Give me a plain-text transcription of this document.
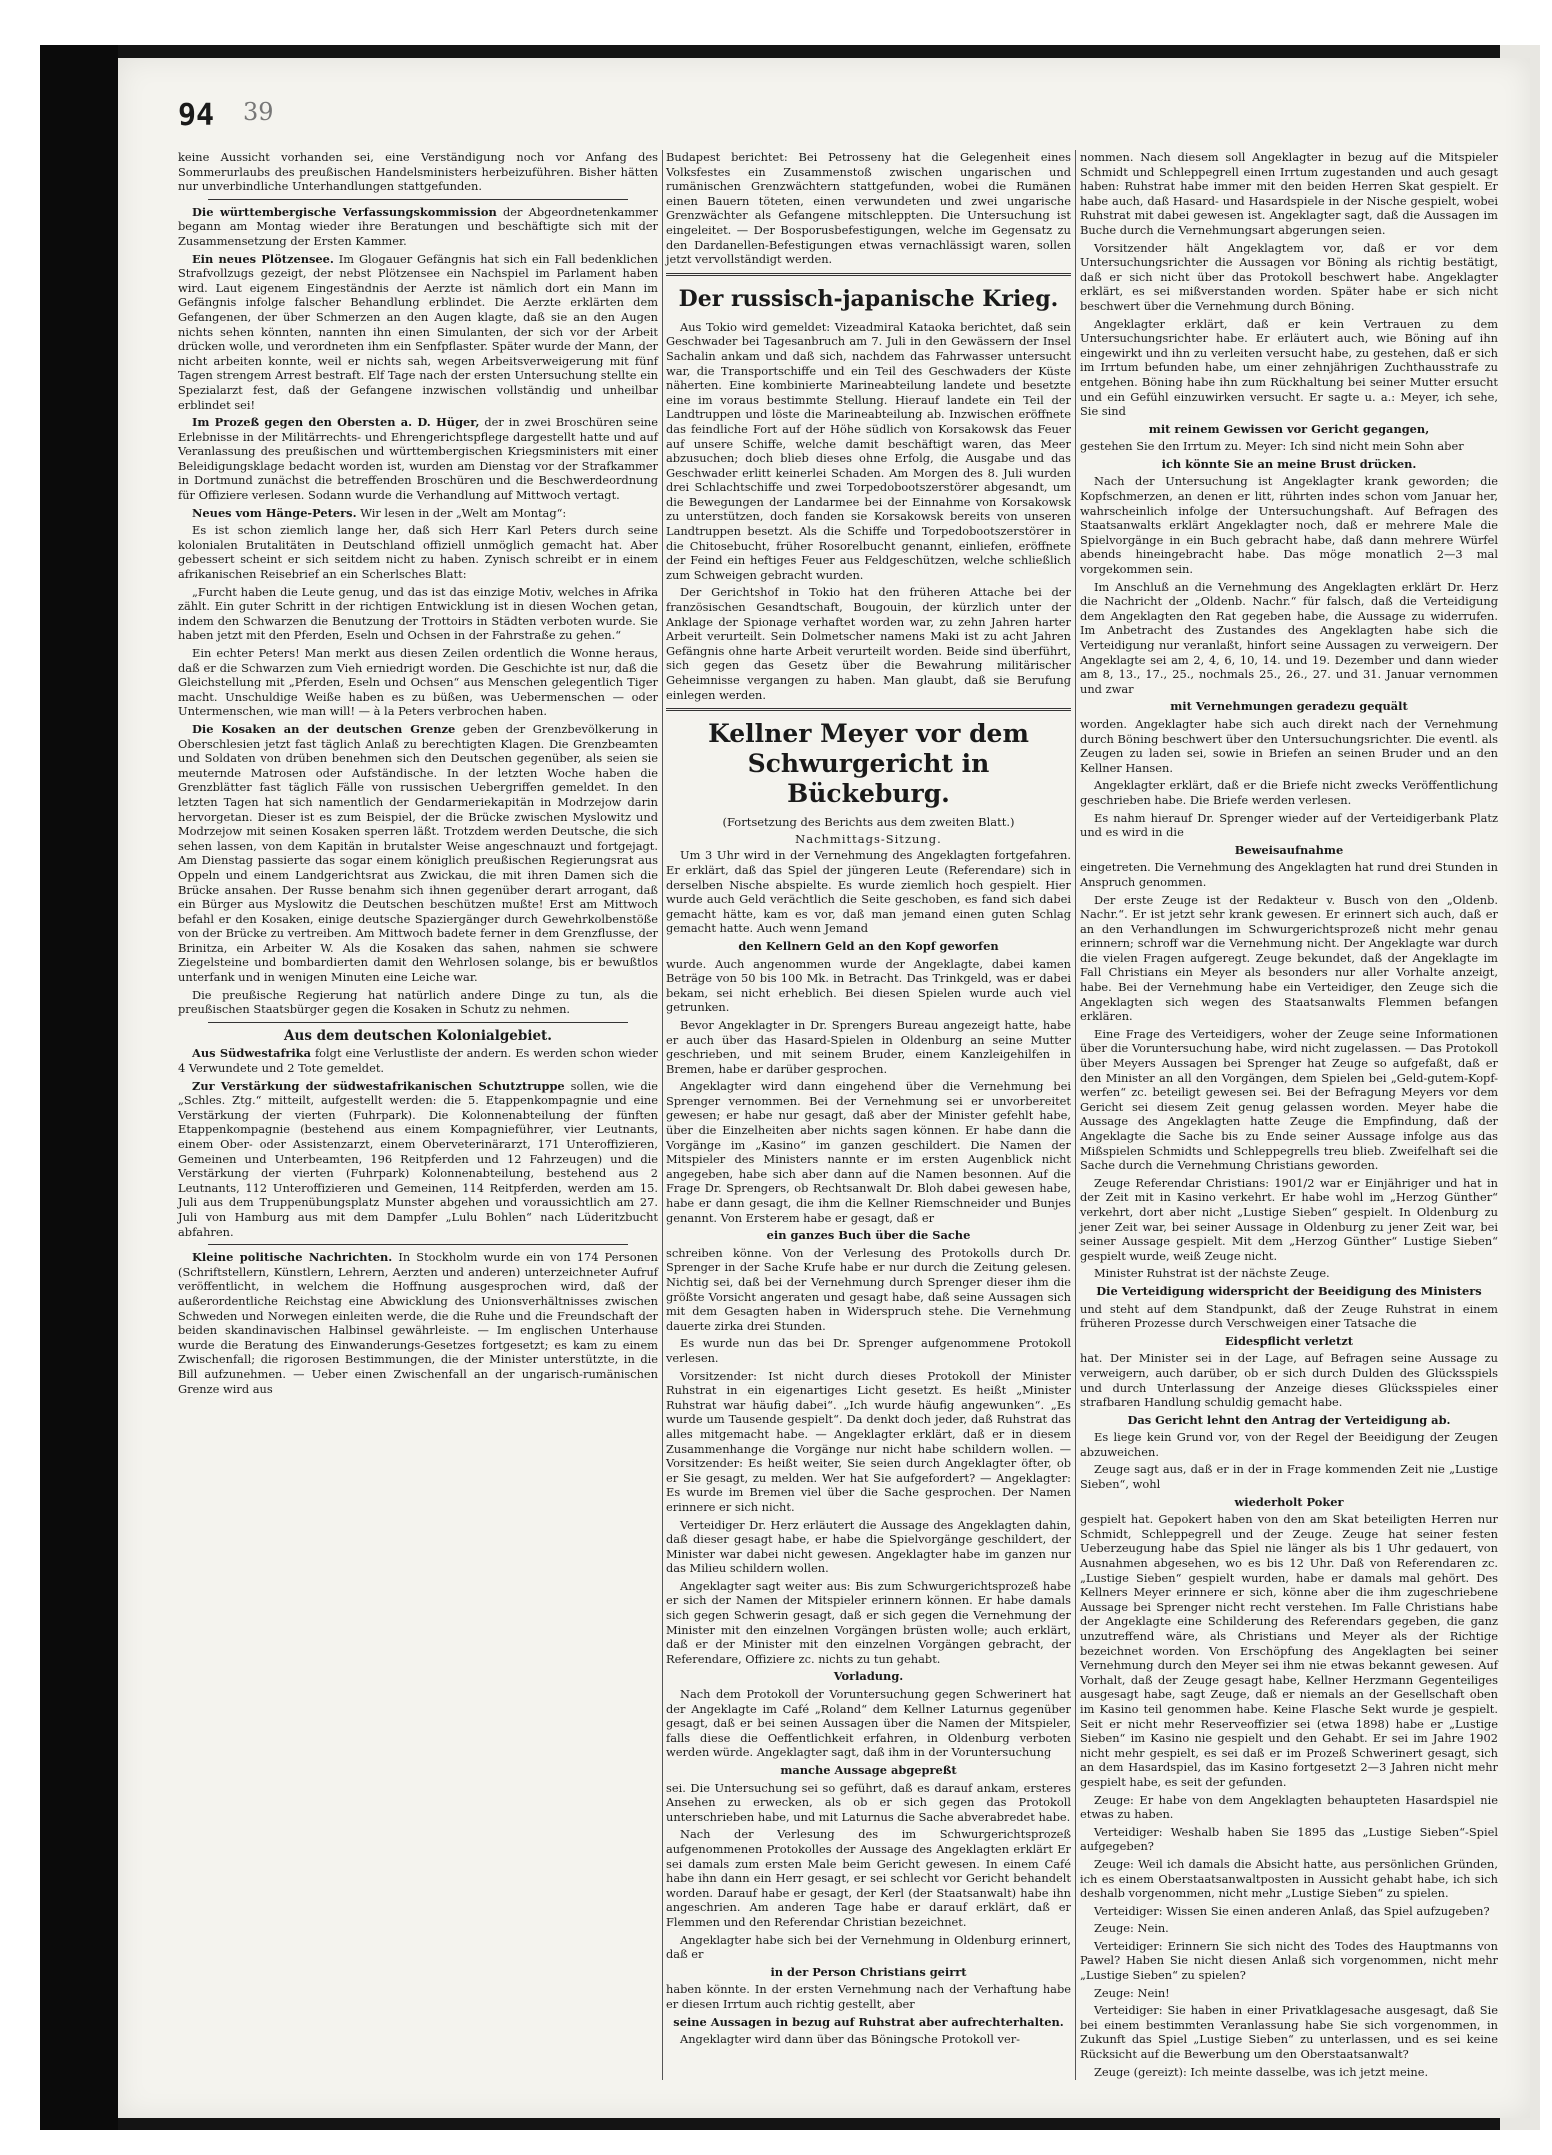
94 39

keine Aussicht vorhanden sei, eine Verständigung noch vor Anfang des Sommerurlaubs des preußischen Handelsministers herbeizuführen. Bisher hätten nur unverbindliche Unterhandlungen stattgefunden.

Die württembergische Verfassungskommission der Abgeordnetenkammer begann am Montag wieder ihre Beratungen und beschäftigte sich mit der Zusammensetzung der Ersten Kammer.

Ein neues Plötzensee. Im Glogauer Gefängnis hat sich ein Fall bedenklichen Strafvollzugs gezeigt, der nebst Plötzensee ein Nachspiel im Parlament haben wird. Laut eigenem Eingeständnis der Aerzte ist nämlich dort ein Mann im Gefängnis infolge falscher Behandlung erblindet. Die Aerzte erklärten dem Gefangenen, der über Schmerzen an den Augen klagte, daß sie an den Augen nichts sehen könnten, nannten ihn einen Simulanten, der sich vor der Arbeit drücken wolle, und verordneten ihm ein Senfpflaster. Später wurde der Mann, der nicht arbeiten konnte, weil er nichts sah, wegen Arbeitsverweigerung mit fünf Tagen strengem Arrest bestraft. Elf Tage nach der ersten Untersuchung stellte ein Spezialarzt fest, daß der Gefangene inzwischen vollständig und unheilbar erblindet sei!

Im Prozeß gegen den Obersten a. D. Hüger, der in zwei Broschüren seine Erlebnisse in der Militärrechts- und Ehrengerichtspflege dargestellt hatte und auf Veranlassung des preußischen und württembergischen Kriegsministers mit einer Beleidigungsklage bedacht worden ist, wurden am Dienstag vor der Strafkammer in Dortmund zunächst die betreffenden Broschüren und die Beschwerdeordnung für Offiziere verlesen. Sodann wurde die Verhandlung auf Mittwoch vertagt.

Neues vom Hänge-Peters. Wir lesen in der „Welt am Montag“:

Es ist schon ziemlich lange her, daß sich Herr Karl Peters durch seine kolonialen Brutalitäten in Deutschland offiziell unmöglich gemacht hat. Aber gebessert scheint er sich seitdem nicht zu haben. Zynisch schreibt er in einem afrikanischen Reisebrief an ein Scherlsches Blatt:

„Furcht haben die Leute genug, und das ist das einzige Motiv, welches in Afrika zählt. Ein guter Schritt in der richtigen Entwicklung ist in diesen Wochen getan, indem den Schwarzen die Benutzung der Trottoirs in Städten verboten wurde. Sie haben jetzt mit den Pferden, Eseln und Ochsen in der Fahrstraße zu gehen.“

Ein echter Peters! Man merkt aus diesen Zeilen ordentlich die Wonne heraus, daß er die Schwarzen zum Vieh erniedrigt worden. Die Geschichte ist nur, daß die Gleichstellung mit „Pferden, Eseln und Ochsen“ aus Menschen gelegentlich Tiger macht. Unschuldige Weiße haben es zu büßen, was Uebermenschen — oder Untermenschen, wie man will! — à la Peters verbrochen haben.

Die Kosaken an der deutschen Grenze geben der Grenzbevölkerung in Oberschlesien jetzt fast täglich Anlaß zu berechtigten Klagen. Die Grenzbeamten und Soldaten von drüben benehmen sich den Deutschen gegenüber, als seien sie meuternde Matrosen oder Aufständische. In der letzten Woche haben die Grenzblätter fast täglich Fälle von russischen Uebergriffen gemeldet. In den letzten Tagen hat sich namentlich der Gendarmeriekapitän in Modrzejow darin hervorgetan. Dieser ist es zum Beispiel, der die Brücke zwischen Myslowitz und Modrzejow mit seinen Kosaken sperren läßt. Trotzdem werden Deutsche, die sich sehen lassen, von dem Kapitän in brutalster Weise angeschnauzt und fortgejagt. Am Dienstag passierte das sogar einem königlich preußischen Regierungsrat aus Oppeln und einem Landgerichtsrat aus Zwickau, die mit ihren Damen sich die Brücke ansahen. Der Russe benahm sich ihnen gegenüber derart arrogant, daß ein Bürger aus Myslowitz die Deutschen beschützen mußte! Erst am Mittwoch befahl er den Kosaken, einige deutsche Spaziergänger durch Gewehrkolbenstöße von der Brücke zu vertreiben. Am Mittwoch badete ferner in dem Grenzflusse, der Brinitza, ein Arbeiter W. Als die Kosaken das sahen, nahmen sie schwere Ziegelsteine und bombardierten damit den Wehrlosen solange, bis er bewußtlos unterfank und in wenigen Minuten eine Leiche war.

Die preußische Regierung hat natürlich andere Dinge zu tun, als die preußischen Staatsbürger gegen die Kosaken in Schutz zu nehmen.

Aus dem deutschen Kolonialgebiet.

Aus Südwestafrika folgt eine Verlustliste der andern. Es werden schon wieder 4 Verwundete und 2 Tote gemeldet.

Zur Verstärkung der südwestafrikanischen Schutztruppe sollen, wie die „Schles. Ztg.“ mitteilt, aufgestellt werden: die 5. Etappenkompagnie und eine Verstärkung der vierten (Fuhrpark). Die Kolonnenabteilung der fünften Etappenkompagnie (bestehend aus einem Kompagnieführer, vier Leutnants, einem Ober- oder Assistenzarzt, einem Oberveterinärarzt, 171 Unteroffizieren, Gemeinen und Unterbeamten, 196 Reitpferden und 12 Fahrzeugen) und die Verstärkung der vierten (Fuhrpark) Kolonnenabteilung, bestehend aus 2 Leutnants, 112 Unteroffizieren und Gemeinen, 114 Reitpferden, werden am 15. Juli aus dem Truppenübungsplatz Munster abgehen und voraussichtlich am 27. Juli von Hamburg aus mit dem Dampfer „Lulu Bohlen“ nach Lüderitzbucht abfahren.

Kleine politische Nachrichten. In Stockholm wurde ein von 174 Personen (Schriftstellern, Künstlern, Lehrern, Aerzten und anderen) unterzeichneter Aufruf veröffentlicht, in welchem die Hoffnung ausgesprochen wird, daß der außerordentliche Reichstag eine Abwicklung des Unionsverhältnisses zwischen Schweden und Norwegen einleiten werde, die die Ruhe und die Freundschaft der beiden skandinavischen Halbinsel gewährleiste. — Im englischen Unterhause wurde die Beratung des Einwanderungs-Gesetzes fortgesetzt; es kam zu einem Zwischenfall; die rigorosen Bestimmungen, die der Minister unterstützte, in die Bill aufzunehmen. — Ueber einen Zwischenfall an der ungarisch-rumänischen Grenze wird aus

Budapest berichtet: Bei Petrosseny hat die Gelegenheit eines Volksfestes ein Zusammenstoß zwischen ungarischen und rumänischen Grenzwächtern stattgefunden, wobei die Rumänen einen Bauern töteten, einen verwundeten und zwei ungarische Grenzwächter als Gefangene mitschleppten. Die Untersuchung ist eingeleitet. — Der Bosporusbefestigungen, welche im Gegensatz zu den Dardanellen-Befestigungen etwas vernachlässigt waren, sollen jetzt vervollständigt werden.

Der russisch-japanische Krieg.

Aus Tokio wird gemeldet: Vizeadmiral Kataoka berichtet, daß sein Geschwader bei Tagesanbruch am 7. Juli in den Gewässern der Insel Sachalin ankam und daß sich, nachdem das Fahrwasser untersucht war, die Transportschiffe und ein Teil des Geschwaders der Küste näherten. Eine kombinierte Marineabteilung landete und besetzte eine im voraus bestimmte Stellung. Hierauf landete ein Teil der Landtruppen und löste die Marineabteilung ab. Inzwischen eröffnete das feindliche Fort auf der Höhe südlich von Korsakowsk das Feuer auf unsere Schiffe, welche damit beschäftigt waren, das Meer abzusuchen; doch blieb dieses ohne Erfolg, die Ausgabe und das Geschwader erlitt keinerlei Schaden. Am Morgen des 8. Juli wurden drei Schlachtschiffe und zwei Torpedobootszerstörer abgesandt, um die Bewegungen der Landarmee bei der Einnahme von Korsakowsk zu unterstützen, doch fanden sie Korsakowsk bereits von unseren Landtruppen besetzt. Als die Schiffe und Torpedobootszerstörer in die Chitosebucht, früher Rosorelbucht genannt, einliefen, eröffnete der Feind ein heftiges Feuer aus Feldgeschützen, welche schließlich zum Schweigen gebracht wurden.

Der Gerichtshof in Tokio hat den früheren Attache bei der französischen Gesandtschaft, Bougouin, der kürzlich unter der Anklage der Spionage verhaftet worden war, zu zehn Jahren harter Arbeit verurteilt. Sein Dolmetscher namens Maki ist zu acht Jahren Gefängnis ohne harte Arbeit verurteilt worden. Beide sind überführt, sich gegen das Gesetz über die Bewahrung militärischer Geheimnisse vergangen zu haben. Man glaubt, daß sie Berufung einlegen werden.

Kellner Meyer vor dem Schwurgericht in Bückeburg.
(Fortsetzung des Berichts aus dem zweiten Blatt.)
Nachmittags-Sitzung.

Um 3 Uhr wird in der Vernehmung des Angeklagten fortgefahren. Er erklärt, daß das Spiel der jüngeren Leute (Referendare) sich in derselben Nische abspielte. Es wurde ziemlich hoch gespielt. Hier wurde auch Geld verächtlich die Seite geschoben, es fand sich dabei gemacht hätte, kam es vor, daß man jemand einen guten Schlag gemacht hatte. Auch wenn Jemand

den Kellnern Geld an den Kopf geworfen

wurde. Auch angenommen wurde der Angeklagte, dabei kamen Beträge von 50 bis 100 Mk. in Betracht. Das Trinkgeld, was er dabei bekam, sei nicht erheblich. Bei diesen Spielen wurde auch viel getrunken.

Bevor Angeklagter in Dr. Sprengers Bureau angezeigt hatte, habe er auch über das Hasard-Spielen in Oldenburg an seine Mutter geschrieben, und mit seinem Bruder, einem Kanzleigehilfen in Bremen, habe er darüber gesprochen.

Angeklagter wird dann eingehend über die Vernehmung bei Sprenger vernommen. Bei der Vernehmung sei er unvorbereitet gewesen; er habe nur gesagt, daß aber der Minister gefehlt habe, über die Einzelheiten aber nichts sagen können. Er habe dann die Vorgänge im „Kasino“ im ganzen geschildert. Die Namen der Mitspieler des Ministers nannte er im ersten Augenblick nicht angegeben, habe sich aber dann auf die Namen besonnen. Auf die Frage Dr. Sprengers, ob Rechtsanwalt Dr. Bloh dabei gewesen habe, habe er dann gesagt, die ihm die Kellner Riemschneider und Bunjes genannt. Von Ersterem habe er gesagt, daß er

ein ganzes Buch über die Sache

schreiben könne. Von der Verlesung des Protokolls durch Dr. Sprenger in der Sache Krufe habe er nur durch die Zeitung gelesen. Nichtig sei, daß bei der Vernehmung durch Sprenger dieser ihm die größte Vorsicht angeraten und gesagt habe, daß seine Aussagen sich mit dem Gesagten haben in Widerspruch stehe. Die Vernehmung dauerte zirka drei Stunden.

Es wurde nun das bei Dr. Sprenger aufgenommene Protokoll verlesen.

Vorsitzender: Ist nicht durch dieses Protokoll der Minister Ruhstrat in ein eigenartiges Licht gesetzt. Es heißt „Minister Ruhstrat war häufig dabei“. „Ich wurde häufig angewunken“. „Es wurde um Tausende gespielt“. Da denkt doch jeder, daß Ruhstrat das alles mitgemacht habe. — Angeklagter erklärt, daß er in diesem Zusammenhange die Vorgänge nur nicht habe schildern wollen. — Vorsitzender: Es heißt weiter, Sie seien durch Angeklagter öfter, ob er Sie gesagt, zu melden. Wer hat Sie aufgefordert? — Angeklagter: Es wurde im Bremen viel über die Sache gesprochen. Der Namen erinnere er sich nicht.

Verteidiger Dr. Herz erläutert die Aussage des Angeklagten dahin, daß dieser gesagt habe, er habe die Spielvorgänge geschildert, der Minister war dabei nicht gewesen. Angeklagter habe im ganzen nur das Milieu schildern wollen.

Angeklagter sagt weiter aus: Bis zum Schwurgerichtsprozeß habe er sich der Namen der Mitspieler erinnern können. Er habe damals sich gegen Schwerin gesagt, daß er sich gegen die Vernehmung der Minister mit den einzelnen Vorgängen brüsten wolle; auch erklärt, daß er der Minister mit den einzelnen Vorgängen gebracht, der Referendare, Offiziere zc. nichts zu tun gehabt.

Vorladung.

Nach dem Protokoll der Voruntersuchung gegen Schwerinert hat der Angeklagte im Café „Roland“ dem Kellner Laturnus gegenüber gesagt, daß er bei seinen Aussagen über die Namen der Mitspieler, falls diese die Oeffentlichkeit erfahren, in Oldenburg verboten werden würde. Angeklagter sagt, daß ihm in der Voruntersuchung

manche Aussage abgepreßt

sei. Die Untersuchung sei so geführt, daß es darauf ankam, ersteres Ansehen zu erwecken, als ob er sich gegen das Protokoll unterschrieben habe, und mit Laturnus die Sache abverabredet habe.

Nach der Verlesung des im Schwurgerichtsprozeß aufgenommenen Protokolles der Aussage des Angeklagten erklärt Er sei damals zum ersten Male beim Gericht gewesen. In einem Café habe ihn dann ein Herr gesagt, er sei schlecht vor Gericht behandelt worden. Darauf habe er gesagt, der Kerl (der Staatsanwalt) habe ihn angeschrien. Am anderen Tage habe er darauf erklärt, daß er Flemmen und den Referendar Christian bezeichnet.

Angeklagter habe sich bei der Vernehmung in Oldenburg erinnert, daß er

in der Person Christians geirrt

haben könnte. In der ersten Vernehmung nach der Verhaftung habe er diesen Irrtum auch richtig gestellt, aber

seine Aussagen in bezug auf Ruhstrat aber aufrechterhalten.

Angeklagter wird dann über das Böningsche Protokoll ver-

nommen. Nach diesem soll Angeklagter in bezug auf die Mitspieler Schmidt und Schleppegrell einen Irrtum zugestanden und auch gesagt haben: Ruhstrat habe immer mit den beiden Herren Skat gespielt. Er habe auch, daß Hasard- und Hasardspiele in der Nische gespielt, wobei Ruhstrat mit dabei gewesen ist. Angeklagter sagt, daß die Aussagen im Buche durch die Vernehmungsart abgerungen seien.

Vorsitzender hält Angeklagtem vor, daß er vor dem Untersuchungsrichter die Aussagen vor Böning als richtig bestätigt, daß er sich nicht über das Protokoll beschwert habe. Angeklagter erklärt, es sei mißverstanden worden. Später habe er sich nicht beschwert über die Vernehmung durch Böning.

Angeklagter erklärt, daß er kein Vertrauen zu dem Untersuchungsrichter habe. Er erläutert auch, wie Böning auf ihn eingewirkt und ihn zu verleiten versucht habe, zu gestehen, daß er sich im Irrtum befunden habe, um einer zehnjährigen Zuchthausstrafe zu entgehen. Böning habe ihn zum Rückhaltung bei seiner Mutter ersucht und ein Gefühl einzuwirken versucht. Er sagte u. a.: Meyer, ich sehe, Sie sind

mit reinem Gewissen vor Gericht gegangen,

gestehen Sie den Irrtum zu. Meyer: Ich sind nicht mein Sohn aber

ich könnte Sie an meine Brust drücken.

Nach der Untersuchung ist Angeklagter krank geworden; die Kopfschmerzen, an denen er litt, rührten indes schon vom Januar her, wahrscheinlich infolge der Untersuchungshaft. Auf Befragen des Staatsanwalts erklärt Angeklagter noch, daß er mehrere Male die Spielvorgänge in ein Buch gebracht habe, daß dann mehrere Würfel abends hineingebracht habe. Das möge monatlich 2—3 mal vorgekommen sein.

Im Anschluß an die Vernehmung des Angeklagten erklärt Dr. Herz die Nachricht der „Oldenb. Nachr.“ für falsch, daß die Verteidigung dem Angeklagten den Rat gegeben habe, die Aussage zu widerrufen. Im Anbetracht des Zustandes des Angeklagten habe sich die Verteidigung nur veranlaßt, hinfort seine Aussagen zu verweigern. Der Angeklagte sei am 2, 4, 6, 10, 14. und 19. Dezember und dann wieder am 8, 13., 17., 25., nochmals 25., 26., 27. und 31. Januar vernommen und zwar

mit Vernehmungen geradezu gequält

worden. Angeklagter habe sich auch direkt nach der Vernehmung durch Böning beschwert über den Untersuchungsrichter. Die eventl. als Zeugen zu laden sei, sowie in Briefen an seinen Bruder und an den Kellner Hansen.

Angeklagter erklärt, daß er die Briefe nicht zwecks Veröffentlichung geschrieben habe. Die Briefe werden verlesen.

Es nahm hierauf Dr. Sprenger wieder auf der Verteidigerbank Platz und es wird in die

Beweisaufnahme

eingetreten. Die Vernehmung des Angeklagten hat rund drei Stunden in Anspruch genommen.

Der erste Zeuge ist der Redakteur v. Busch von den „Oldenb. Nachr.“. Er ist jetzt sehr krank gewesen. Er erinnert sich auch, daß er an den Verhandlungen im Schwurgerichtsprozeß nicht mehr genau erinnern; schroff war die Vernehmung nicht. Der Angeklagte war durch die vielen Fragen aufgeregt. Zeuge bekundet, daß der Angeklagte im Fall Christians ein Meyer als besonders nur aller Vorhalte anzeigt, habe. Bei der Vernehmung habe ein Verteidiger, den Zeuge sich die Angeklagten sich wegen des Staatsanwalts Flemmen befangen erklären.

Eine Frage des Verteidigers, woher der Zeuge seine Informationen über die Voruntersuchung habe, wird nicht zugelassen. — Das Protokoll über Meyers Aussagen bei Sprenger hat Zeuge so aufgefaßt, daß er den Minister an all den Vorgängen, dem Spielen bei „Geld-gutem-Kopf-werfen“ zc. beteiligt gewesen sei. Bei der Befragung Meyers vor dem Gericht sei diesem Zeit genug gelassen worden. Meyer habe die Aussage des Angeklagten hatte Zeuge die Empfindung, daß der Angeklagte die Sache bis zu Ende seiner Aussage infolge aus das Mißspielen Schmidts und Schleppegrells treu blieb. Zweifelhaft sei die Sache durch die Vernehmung Christians geworden.

Zeuge Referendar Christians: 1901/2 war er Einjähriger und hat in der Zeit mit in Kasino verkehrt. Er habe wohl im „Herzog Günther“ verkehrt, dort aber nicht „Lustige Sieben“ gespielt. In Oldenburg zu jener Zeit war, bei seiner Aussage in Oldenburg zu jener Zeit war, bei seiner Aussage gespielt. Mit dem „Herzog Günther“ Lustige Sieben“ gespielt wurde, weiß Zeuge nicht.

Minister Ruhstrat ist der nächste Zeuge.

Die Verteidigung widerspricht der Beeidigung des Ministers

und steht auf dem Standpunkt, daß der Zeuge Ruhstrat in einem früheren Prozesse durch Verschweigen einer Tatsache die

Eidespflicht verletzt

hat. Der Minister sei in der Lage, auf Befragen seine Aussage zu verweigern, auch darüber, ob er sich durch Dulden des Glücksspiels und durch Unterlassung der Anzeige dieses Glücksspieles einer strafbaren Handlung schuldig gemacht habe.

Das Gericht lehnt den Antrag der Verteidigung ab.

Es liege kein Grund vor, von der Regel der Beeidigung der Zeugen abzuweichen.

Zeuge sagt aus, daß er in der in Frage kommenden Zeit nie „Lustige Sieben“, wohl

wiederholt Poker

gespielt hat. Gepokert haben von den am Skat beteiligten Herren nur Schmidt, Schleppegrell und der Zeuge. Zeuge hat seiner festen Ueberzeugung habe das Spiel nie länger als bis 1 Uhr gedauert, von Ausnahmen abgesehen, wo es bis 12 Uhr. Daß von Referendaren zc. „Lustige Sieben“ gespielt wurden, habe er damals mal gehört. Des Kellners Meyer erinnere er sich, könne aber die ihm zugeschriebene Aussage bei Sprenger nicht recht verstehen. Im Falle Christians habe der Angeklagte eine Schilderung des Referendars gegeben, die ganz unzutreffend wäre, als Christians und Meyer als der Richtige bezeichnet worden. Von Erschöpfung des Angeklagten bei seiner Vernehmung durch den Meyer sei ihm nie etwas bekannt gewesen. Auf Vorhalt, daß der Zeuge gesagt habe, Kellner Herzmann Gegenteiliges ausgesagt habe, sagt Zeuge, daß er niemals an der Gesellschaft oben im Kasino teil genommen habe. Keine Flasche Sekt wurde je gespielt. Seit er nicht mehr Reserveoffizier sei (etwa 1898) habe er „Lustige Sieben“ im Kasino nie gespielt und den Gehabt. Er sei im Jahre 1902 nicht mehr gespielt, es sei daß er im Prozeß Schwerinert gesagt, sich an dem Hasardspiel, das im Kasino fortgesetzt 2—3 Jahren nicht mehr gespielt habe, es seit der gefunden.

Zeuge: Er habe von dem Angeklagten behaupteten Hasardspiel nie etwas zu haben.

Verteidiger: Weshalb haben Sie 1895 das „Lustige Sieben“-Spiel aufgegeben?

Zeuge: Weil ich damals die Absicht hatte, aus persönlichen Gründen, ich es einem Oberstaatsanwaltposten in Aussicht gehabt habe, ich sich deshalb vorgenommen, nicht mehr „Lustige Sieben“ zu spielen.

Verteidiger: Wissen Sie einen anderen Anlaß, das Spiel aufzugeben?

Zeuge: Nein.

Verteidiger: Erinnern Sie sich nicht des Todes des Hauptmanns von Pawel? Haben Sie nicht diesen Anlaß sich vorgenommen, nicht mehr „Lustige Sieben“ zu spielen?

Zeuge: Nein!

Verteidiger: Sie haben in einer Privatklagesache ausgesagt, daß Sie bei einem bestimmten Veranlassung habe Sie sich vorgenommen, in Zukunft das Spiel „Lustige Sieben“ zu unterlassen, und es sei keine Rücksicht auf die Bewerbung um den Oberstaatsanwalt?

Zeuge (gereizt): Ich meinte dasselbe, was ich jetzt meine.
